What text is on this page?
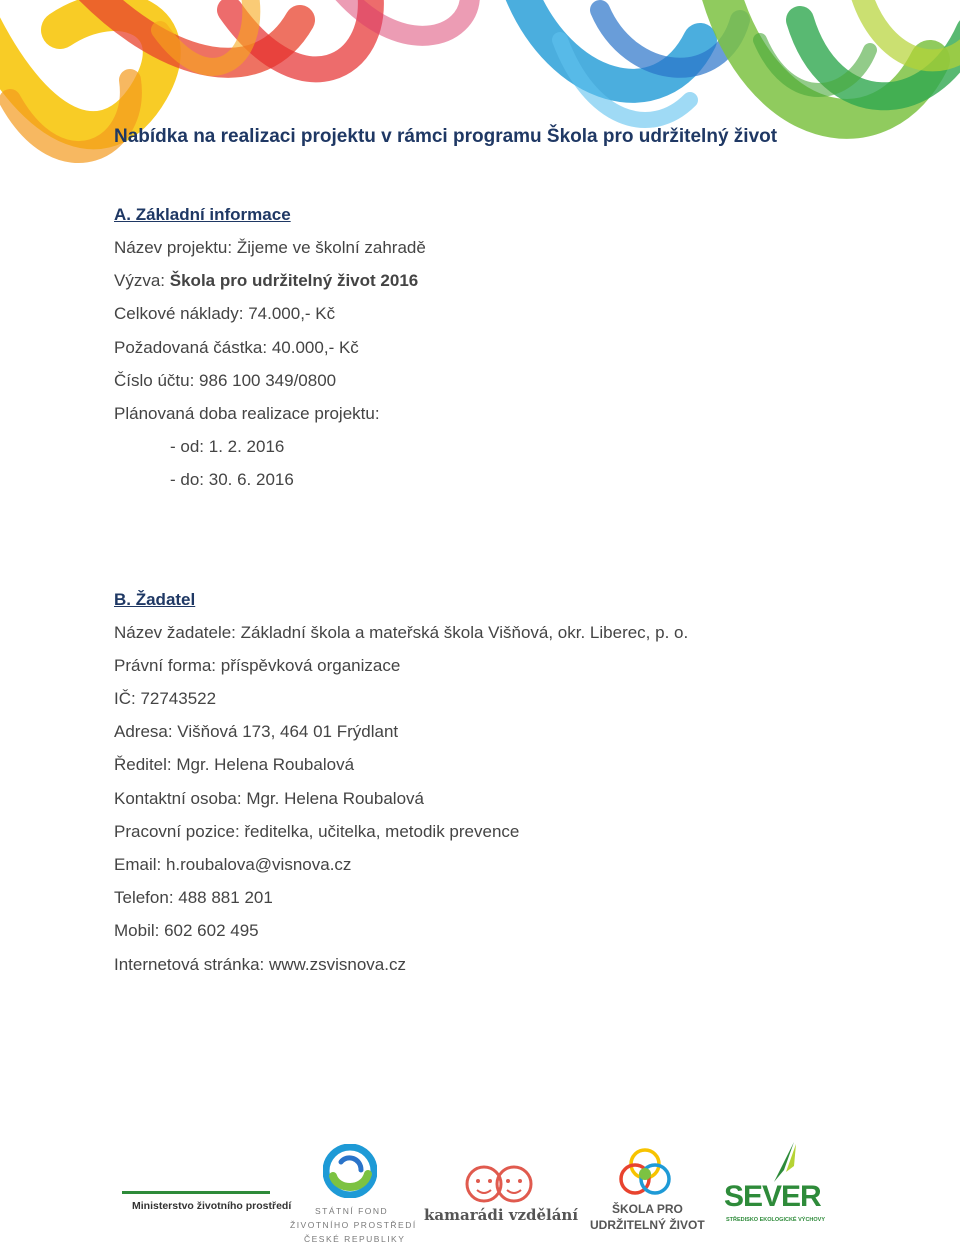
Nabídka na realizaci projektu v rámci programu Škola pro udržitelný život
A. Základní informace
Název projektu: Žijeme ve školní zahradě
Výzva: Škola pro udržitelný život 2016
Celkové náklady: 74.000,- Kč
Požadovaná částka: 40.000,- Kč
Číslo účtu: 986 100 349/0800
Plánovaná doba realizace projektu:
- od: 1. 2. 2016
- do: 30. 6. 2016
B. Žadatel
Název žadatele: Základní škola a mateřská škola Višňová, okr. Liberec, p. o.
Právní forma: příspěvková organizace
IČ: 72743522
Adresa: Višňová 173, 464 01 Frýdlant
Ředitel: Mgr. Helena Roubalová
Kontaktní osoba: Mgr. Helena Roubalová
Pracovní pozice: ředitelka, učitelka, metodik prevence
Email: h.roubalova@visnova.cz
Telefon: 488 881 201
Mobil: 602 602 495
Internetová stránka: www.zsvisnova.cz
Ministerstvo životního prostředí	STÁTNÍ FOND
ŽIVOTNÍHO PROSTŘEDÍ
ČESKÉ REPUBLIKY
kamarádi vzdělání	ŠKOLA PRO
UDRŽITELNÝ ŽIVOT
SEVER
STŘEDISKO EKOLOGICKÉ VÝCHOVY
